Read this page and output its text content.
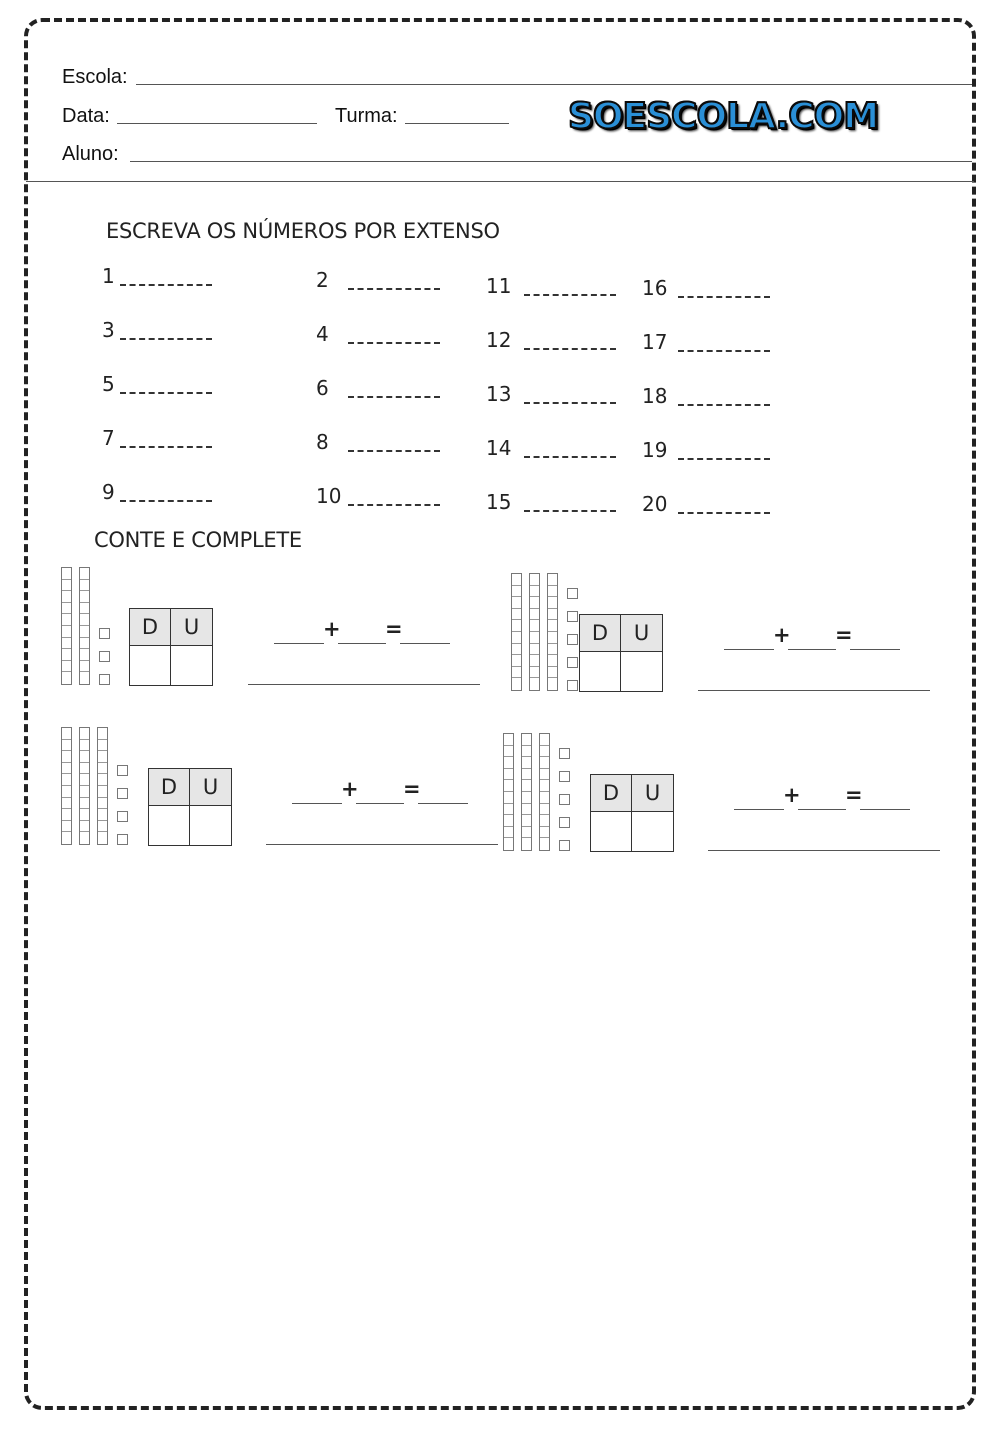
Escola:
Data:	Turma:	SOESCOLA.COM
Aluno:
ESCREVA OS NÚMEROS POR EXTENSO
1	2	11	16
3	4	12	17
5	6	13	18
7	8	14	19
9	10	15	20
CONTE E COMPLETE
D	U	+ =	D	U	+ =
D	U	+ =	D	U	+ =
